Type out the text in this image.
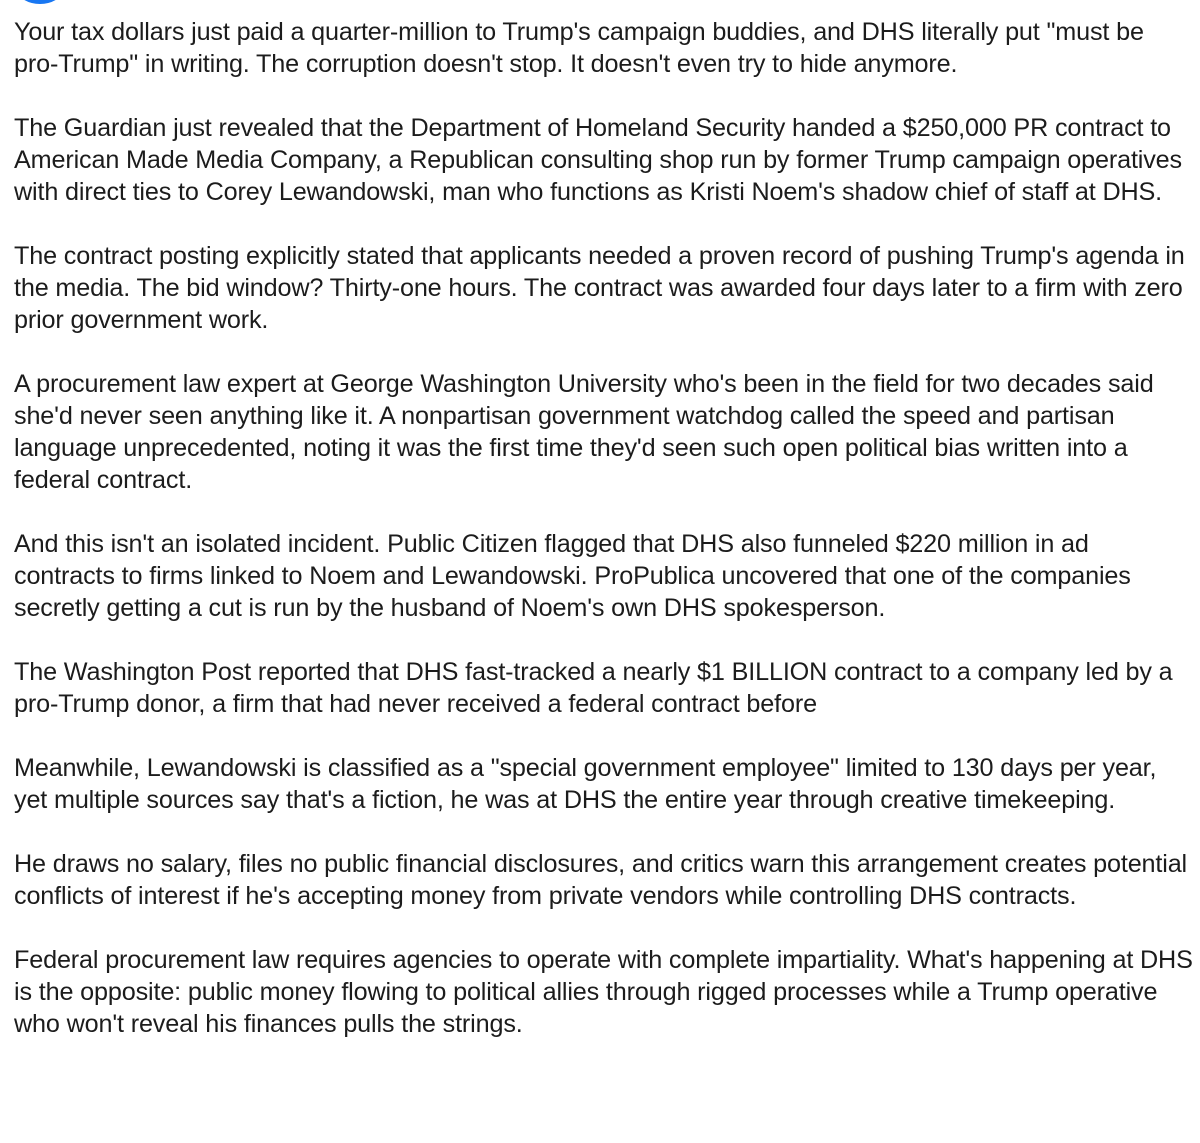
Your tax dollars just paid a quarter-million to Trump's campaign buddies, and DHS literally put "must be pro-Trump" in writing. The corruption doesn't stop. It doesn't even try to hide anymore.

The Guardian just revealed that the Department of Homeland Security handed a $250,000 PR contract to American Made Media Company, a Republican consulting shop run by former Trump campaign operatives with direct ties to Corey Lewandowski, man who functions as Kristi Noem's shadow chief of staff at DHS.

The contract posting explicitly stated that applicants needed a proven record of pushing Trump's agenda in the media. The bid window? Thirty-one hours. The contract was awarded four days later to a firm with zero prior government work.

A procurement law expert at George Washington University who's been in the field for two decades said she'd never seen anything like it. A nonpartisan government watchdog called the speed and partisan language unprecedented, noting it was the first time they'd seen such open political bias written into a federal contract.

And this isn't an isolated incident. Public Citizen flagged that DHS also funneled $220 million in ad contracts to firms linked to Noem and Lewandowski. ProPublica uncovered that one of the companies secretly getting a cut is run by the husband of Noem's own DHS spokesperson.

The Washington Post reported that DHS fast-tracked a nearly $1 BILLION contract to a company led by a pro-Trump donor, a firm that had never received a federal contract before

Meanwhile, Lewandowski is classified as a "special government employee" limited to 130 days per year, yet multiple sources say that's a fiction, he was at DHS the entire year through creative timekeeping.

He draws no salary, files no public financial disclosures, and critics warn this arrangement creates potential conflicts of interest if he's accepting money from private vendors while controlling DHS contracts.

Federal procurement law requires agencies to operate with complete impartiality. What's happening at DHS is the opposite: public money flowing to political allies through rigged processes while a Trump operative who won't reveal his finances pulls the strings.
